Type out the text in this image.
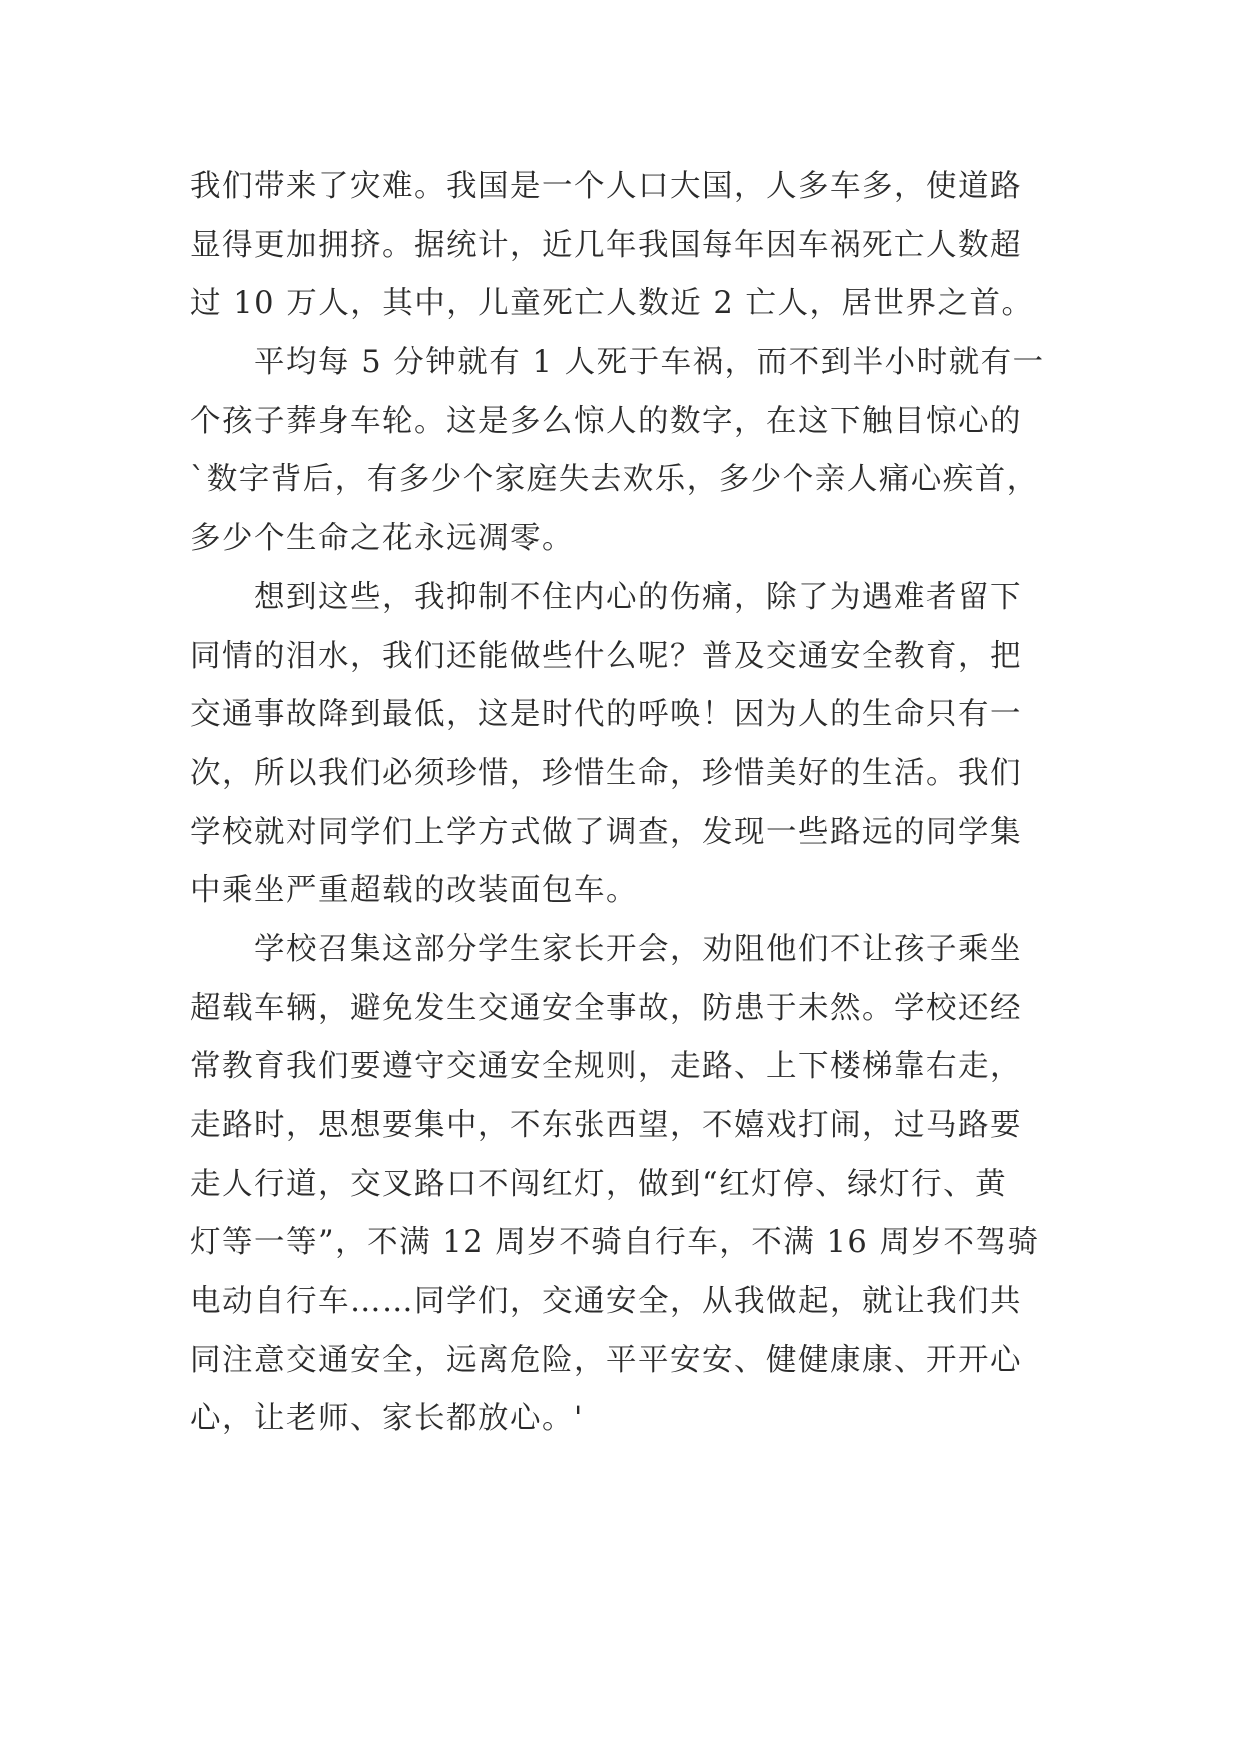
我们带来了灾难。我国是一个人口大国，人多车多，使道路
显得更加拥挤。据统计，近几年我国每年因车祸死亡人数超
过 10 万人，其中，儿童死亡人数近 2 亡人，居世界之首。
　　平均每 5 分钟就有 1 人死于车祸，而不到半小时就有一
个孩子葬身车轮。这是多么惊人的数字，在这下触目惊心的
`数字背后，有多少个家庭失去欢乐，多少个亲人痛心疾首，
多少个生命之花永远凋零。
　　想到这些，我抑制不住内心的伤痛，除了为遇难者留下
同情的泪水，我们还能做些什么呢？普及交通安全教育，把
交通事故降到最低，这是时代的呼唤！因为人的生命只有一
次，所以我们必须珍惜，珍惜生命，珍惜美好的生活。我们
学校就对同学们上学方式做了调查，发现一些路远的同学集
中乘坐严重超载的改装面包车。
　　学校召集这部分学生家长开会，劝阻他们不让孩子乘坐
超载车辆，避免发生交通安全事故，防患于未然。学校还经
常教育我们要遵守交通安全规则，走路、上下楼梯靠右走，
走路时，思想要集中，不东张西望，不嬉戏打闹，过马路要
走人行道，交叉路口不闯红灯，做到“红灯停、绿灯行、黄
灯等一等”，不满 12 周岁不骑自行车，不满 16 周岁不驾骑
电动自行车……同学们，交通安全，从我做起，就让我们共
同注意交通安全，远离危险，平平安安、健健康康、开开心
心，让老师、家长都放心。'
